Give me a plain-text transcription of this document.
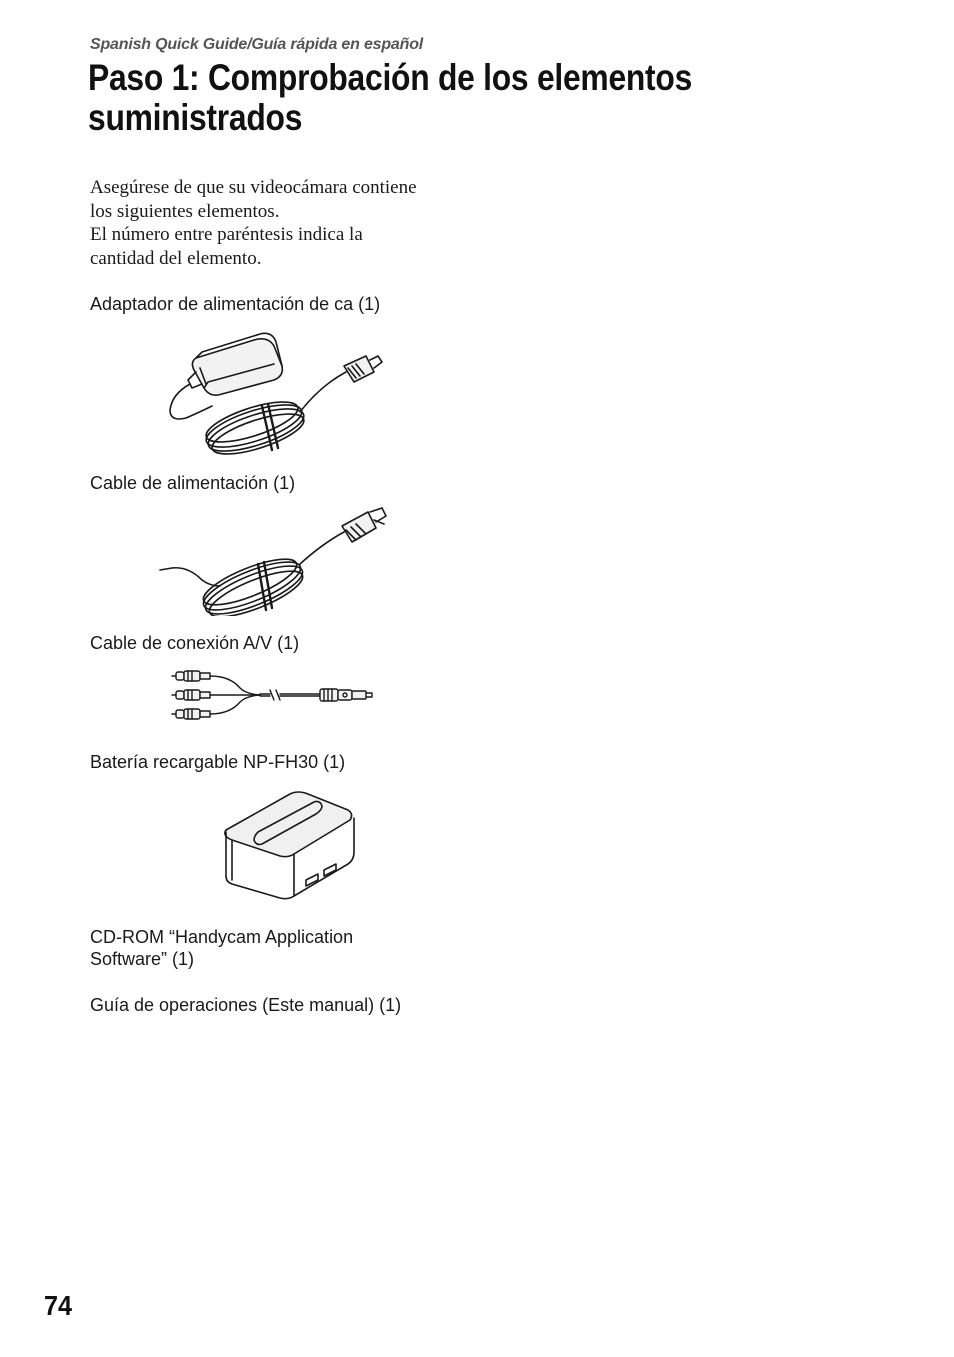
Spanish Quick Guide/Guía rápida en español
Paso 1: Comprobación de los elementos
suministrados

Asegúrese de que su videocámara contiene
los siguientes elementos.

El número entre paréntesis indica la
cantidad del elemento.

Adaptador de alimentación de ca (1)
Cable de alimentación (1)
Cable de conexión A/V (1)
Batería recargable NP-FH30 (1)
CD-ROM “Handycam Application
Software” (1)
Guía de operaciones (Este manual) (1)
74
